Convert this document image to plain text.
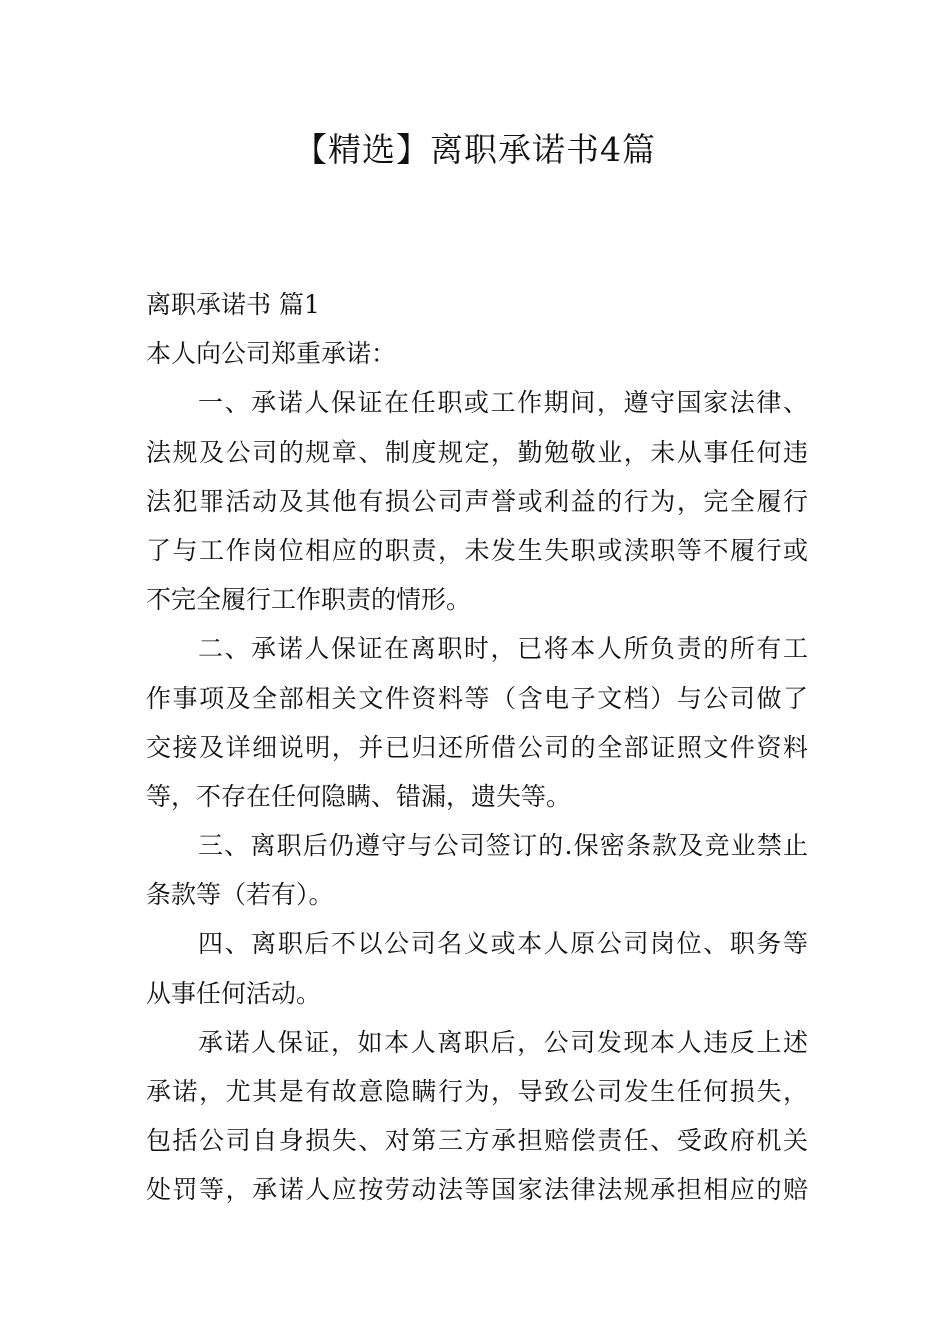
【精选】离职承诺书4篇
离职承诺书 篇1
本人向公司郑重承诺：
一、承诺人保证在任职或工作期间，遵守国家法律、
法规及公司的规章、制度规定，勤勉敬业，未从事任何违
法犯罪活动及其他有损公司声誉或利益的行为，完全履行
了与工作岗位相应的职责，未发生失职或渎职等不履行或
不完全履行工作职责的情形。
二、承诺人保证在离职时，已将本人所负责的所有工
作事项及全部相关文件资料等（含电子文档）与公司做了
交接及详细说明，并已归还所借公司的全部证照文件资料
等，不存在任何隐瞒、错漏，遗失等。
三、离职后仍遵守与公司签订的.保密条款及竞业禁止
条款等（若有）。
四、离职后不以公司名义或本人原公司岗位、职务等
从事任何活动。
承诺人保证，如本人离职后，公司发现本人违反上述
承诺，尤其是有故意隐瞒行为，导致公司发生任何损失，
包括公司自身损失、对第三方承担赔偿责任、受政府机关
处罚等，承诺人应按劳动法等国家法律法规承担相应的赔
